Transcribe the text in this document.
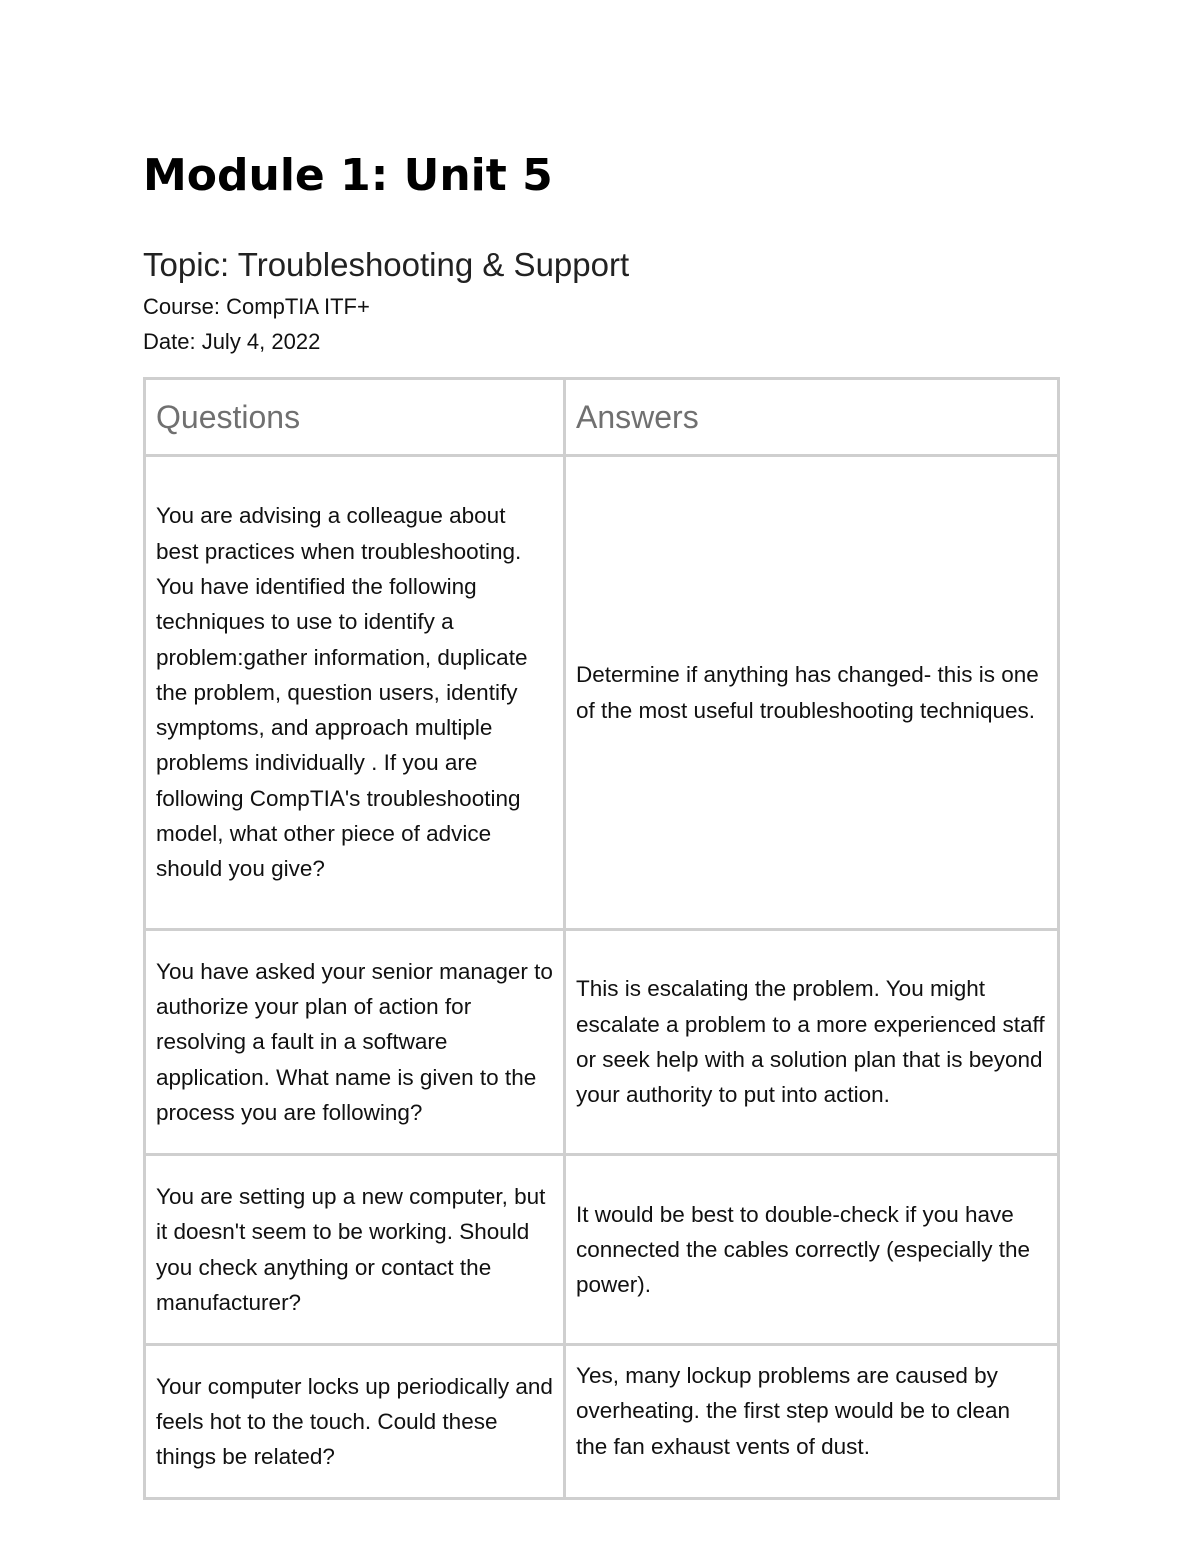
Module 1: Unit 5
Topic: Troubleshooting & Support
Course: CompTIA ITF+
Date: July 4, 2022
Questions	Answers
You are advising a colleague about best practices when troubleshooting. You have identified the following techniques to use to identify a problem:gather information, duplicate the problem, question users, identify symptoms, and approach multiple problems individually . If you are following CompTIA's troubleshooting model, what other piece of advice should you give?	Determine if anything has changed- this is one of the most useful troubleshooting techniques.
You have asked your senior manager to authorize your plan of action for resolving a fault in a software application. What name is given to the process you are following?	This is escalating the problem. You might escalate a problem to a more experienced staff or seek help with a solution plan that is beyond your authority to put into action.
You are setting up a new computer, but it doesn't seem to be working. Should you check anything or contact the manufacturer?	It would be best to double-check if you have connected the cables correctly (especially the power).
Your computer locks up periodically and feels hot to the touch. Could these things be related?	Yes, many lockup problems are caused by overheating. the first step would be to clean the fan exhaust vents of dust.
